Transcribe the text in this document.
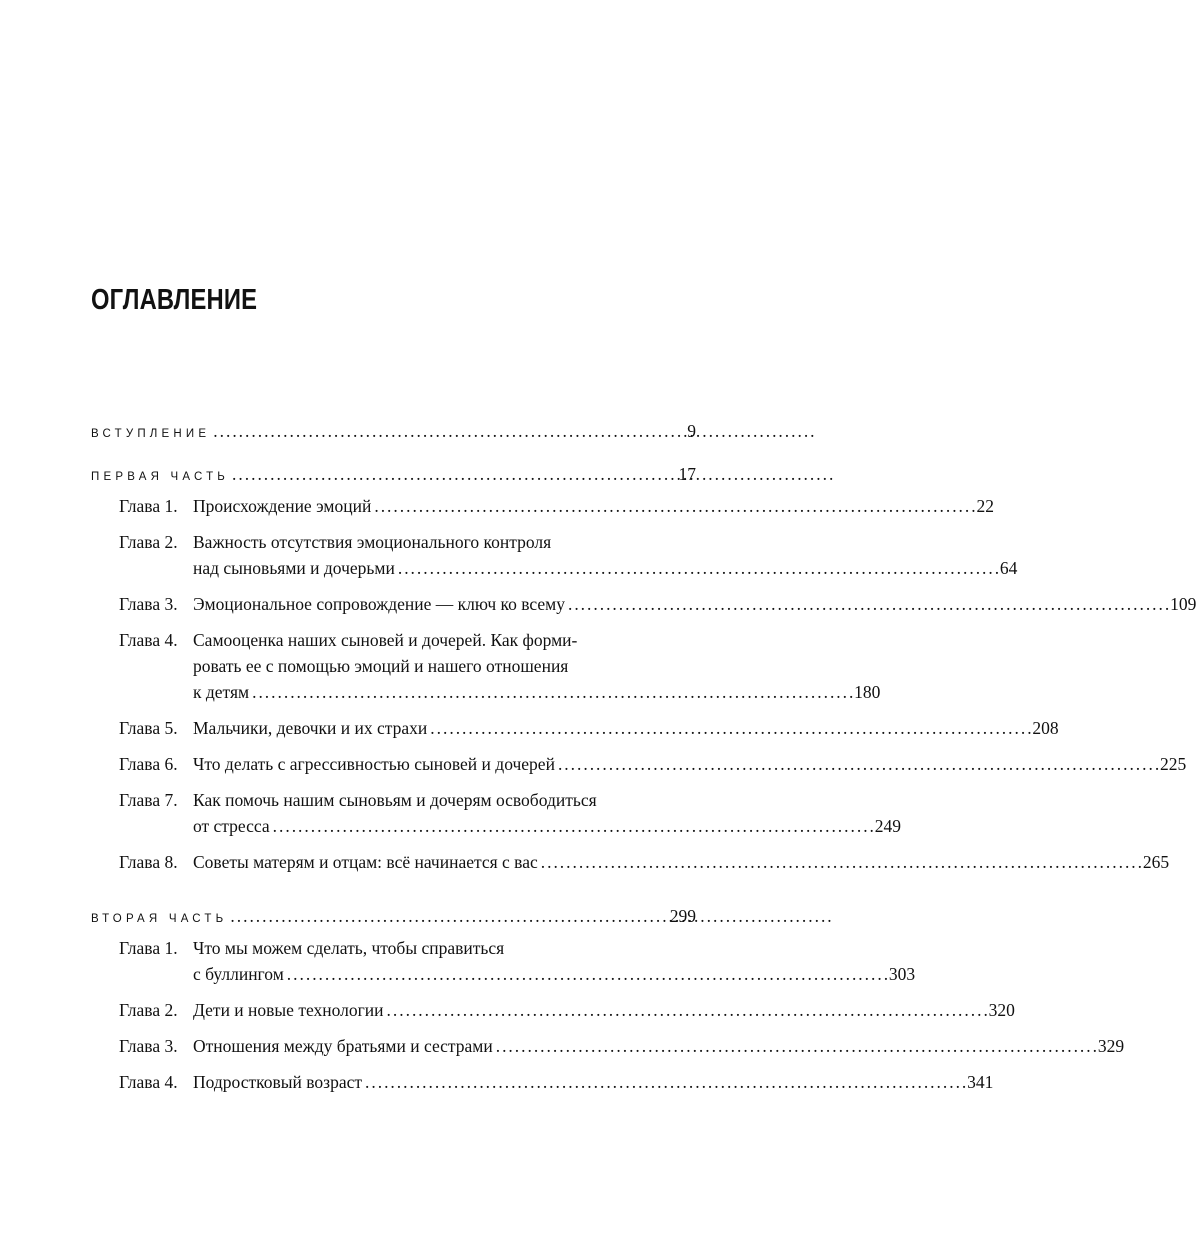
ОГЛАВЛЕНИЕ
ВСТУПЛЕНИЕ . . .	9
ПЕРВАЯ ЧАСТЬ . . .	17
Глава 1. Происхождение эмоций . . .	22
Глава 2. Важность отсутствия эмоционального контроля
над сыновьями и дочерьми . . .	64
Глава 3. Эмоциональное сопровождение — ключ ко всему . . .	109
Глава 4. Самооценка наших сыновей и дочерей. Как форми-
ровать ее с помощью эмоций и нашего отношения
к детям . . .	180
Глава 5. Мальчики, девочки и их страхи . . .	208
Глава 6. Что делать с агрессивностью сыновей и дочерей . . .	225
Глава 7. Как помочь нашим сыновьям и дочерям освободиться
от стресса . . .	249
Глава 8. Советы матерям и отцам: всё начинается с вас . . .	265
ВТОРАЯ ЧАСТЬ . . .	299
Глава 1. Что мы можем сделать, чтобы справиться
с буллингом . . .	303
Глава 2. Дети и новые технологии . . .	320
Глава 3. Отношения между братьями и сестрами . . .	329
Глава 4. Подростковый возраст . . .	341
